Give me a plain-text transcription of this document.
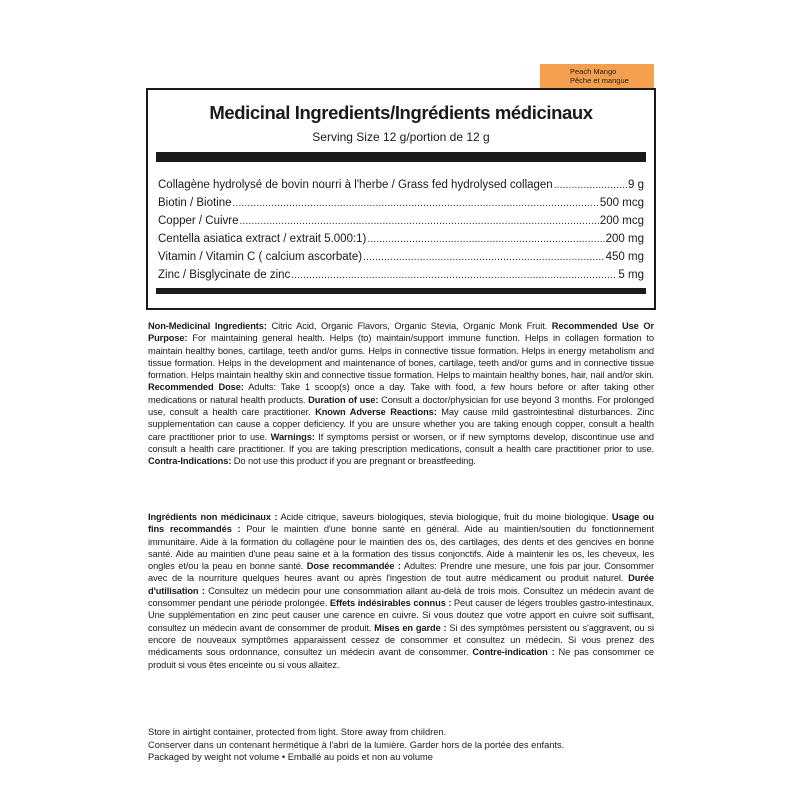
Peach Mango
Pêche et mangue
Medicinal Ingredients/Ingrédients médicinaux
Serving Size 12 g/portion de 12 g
Collagène hydrolysé de bovin nourri à l'herbe / Grass fed hydrolysed collagen .....	9 g
Biotin / Biotine .....	500 mcg
Copper / Cuivre .....	200 mcg
Centella asiatica extract / extrait 5.000:1) .....	200 mg
Vitamin / Vitamin C ( calcium ascorbate) .....	450 mg
Zinc / Bisglycinate de zinc .....	5 mg
Non-Medicinal Ingredients: Citric Acid, Organic Flavors, Organic Stevia, Organic Monk Fruit. Recommended Use Or Purpose: For maintaining general health. Helps (to) maintain/support immune function. Helps in collagen formation to maintain healthy bones, cartilage, teeth and/or gums. Helps in connective tissue formation. Helps in energy metabolism and tissue formation. Helps in the development and maintenance of bones, cartilage, teeth and/or gums and in connective tissue formation. Helps maintain healthy skin and connective tissue formation. Helps to maintain healthy bones, hair, nail and/or skin. Recommended Dose: Adults: Take 1 scoop(s) once a day. Take with food, a few hours before or after taking other medications or natural health products. Duration of use: Consult a doctor/physician for use beyond 3 months. For prolonged use, consult a health care practitioner. Known Adverse Reactions: May cause mild gastrointestinal disturbances. Zinc supplementation can cause a copper deficiency. If you are unsure whether you are taking enough copper, consult a health care practitioner prior to use. Warnings: If symptoms persist or worsen, or if new symptoms develop, discontinue use and consult a health care practitioner. If you are taking prescription medications, consult a health care practitioner prior to use. Contra-Indications: Do not use this product if you are pregnant or breastfeeding.
Ingrédients non médicinaux : Acide citrique, saveurs biologiques, stevia biologique, fruit du moine biologique. Usage ou fins recommandés : Pour le maintien d'une bonne santé en général. Aide au maintien/soutien du fonctionnement immunitaire. Aide à la formation du collagène pour le maintien des os, des cartilages, des dents et des gencives en bonne santé. Aide au maintien d'une peau saine et à la formation des tissus conjonctifs. Aide à maintenir les os, les cheveux, les ongles et/ou la peau en bonne santé. Dose recommandée : Adultes: Prendre une mesure, une fois par jour. Consommer avec de la nourriture quelques heures avant ou après l'ingestion de tout autre médicament ou produit naturel. Durée d'utilisation : Consultez un médecin pour une consommation allant au-delà de trois mois. Consultez un médecin avant de consommer pendant une période prolongée. Effets indésirables connus : Peut causer de légers troubles gastro-intestinaux. Une supplémentation en zinc peut causer une carence en cuivre. Si vous doutez que votre apport en cuivre soit suffisant, consultez un médecin avant de consommer de produit. Mises en garde : Si des symptômes persistent ou s'aggravent, ou si encore de nouveaux symptômes apparaissent cessez de consommer et consultez un médecin. Si vous prenez des médicaments sous ordonnance, consultez un médecin avant de consommer. Contre-indication : Ne pas consommer ce produit si vous êtes enceinte ou si vous allaitez.
Store in airtight container, protected from light. Store away from children.
Conserver dans un contenant hermétique à l'abri de la lumière. Garder hors de la portée des enfants.
Packaged by weight not volume • Emballé au poids et non au volume
